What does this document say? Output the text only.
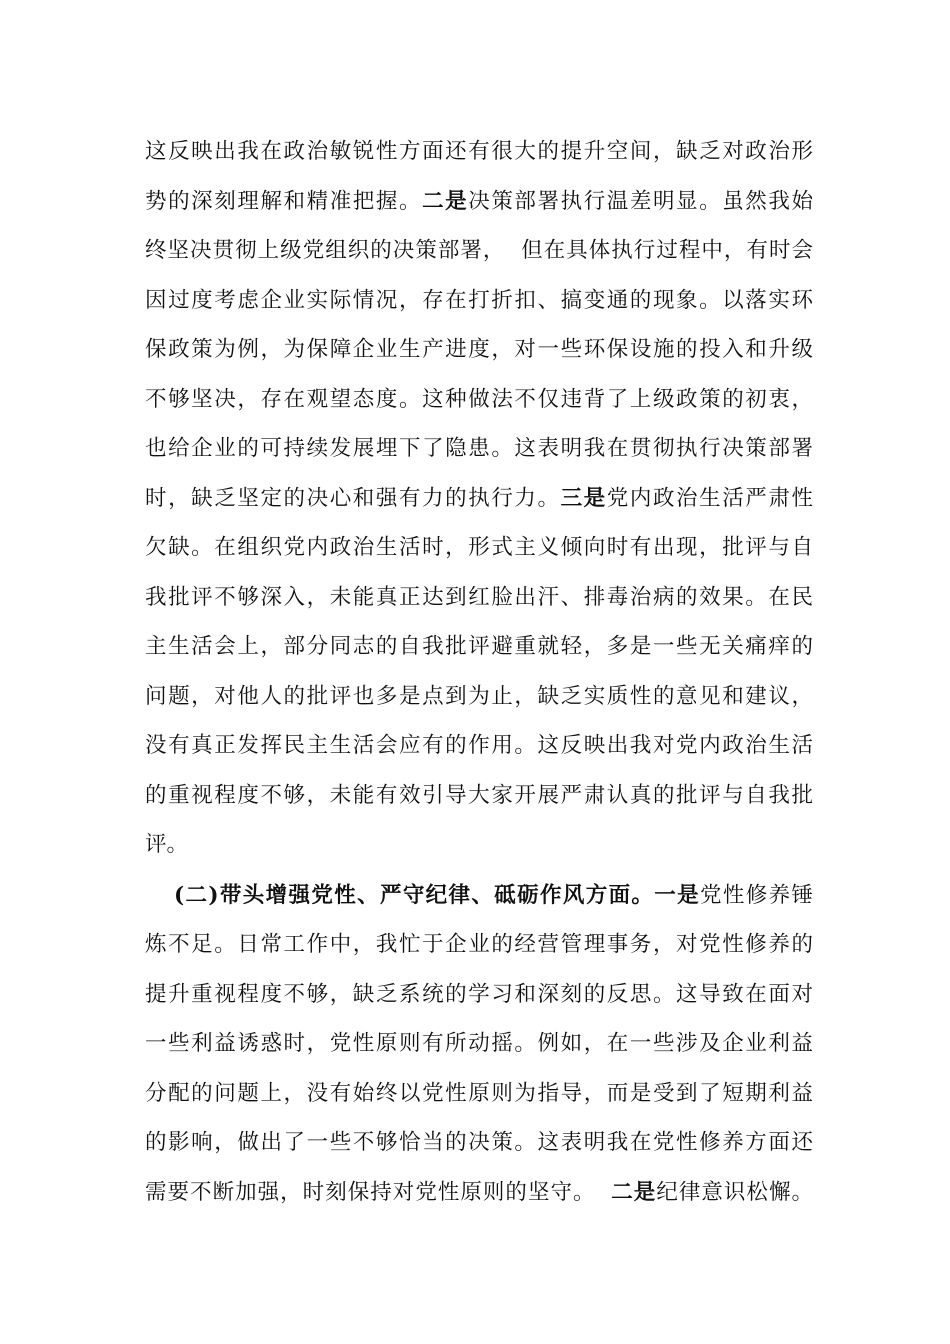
这反映出我在政治敏锐性方面还有很大的提升空间，缺乏对政治形
势的深刻理解和精准把握。二是决策部署执行温差明显。虽然我始
终坚决贯彻上级党组织的决策部署，  但在具体执行过程中，有时会
因过度考虑企业实际情况，存在打折扣、搞变通的现象。以落实环
保政策为例，为保障企业生产进度，对一些环保设施的投入和升级
不够坚决，存在观望态度。这种做法不仅违背了上级政策的初衷，
也给企业的可持续发展埋下了隐患。这表明我在贯彻执行决策部署
时，缺乏坚定的决心和强有力的执行力。三是党内政治生活严肃性
欠缺。在组织党内政治生活时，形式主义倾向时有出现，批评与自
我批评不够深入，未能真正达到红脸出汗、排毒治病的效果。在民
主生活会上，部分同志的自我批评避重就轻，多是一些无关痛痒的
问题，对他人的批评也多是点到为止，缺乏实质性的意见和建议，
没有真正发挥民主生活会应有的作用。这反映出我对党内政治生活
的重视程度不够，未能有效引导大家开展严肃认真的批评与自我批
评。
(二)带头增强党性、严守纪律、砥砺作风方面。一是党性修养锤
炼不足。日常工作中，我忙于企业的经营管理事务，对党性修养的
提升重视程度不够，缺乏系统的学习和深刻的反思。这导致在面对
一些利益诱惑时，党性原则有所动摇。例如，在一些涉及企业利益
分配的问题上，没有始终以党性原则为指导，而是受到了短期利益
的影响，做出了一些不够恰当的决策。这表明我在党性修养方面还
需要不断加强，时刻保持对党性原则的坚守。  二是纪律意识松懈。
